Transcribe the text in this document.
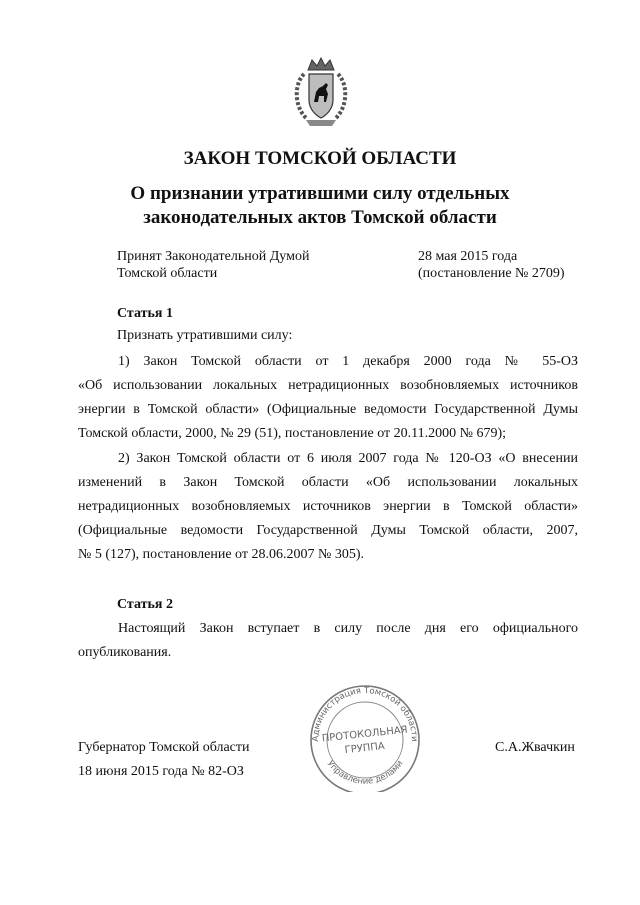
ЗАКОН ТОМСКОЙ ОБЛАСТИ
О признании утратившими силу отдельных
законодательных актов Томской области
Принят Законодательной Думой
Томской области
28 мая 2015 года
(постановление № 2709)
Статья 1
Признать утратившими силу:
1) Закон Томской области от 1 декабря 2000 года № 55-ОЗ
«Об использовании локальных нетрадиционных возобновляемых источников
энергии в Томской области» (Официальные ведомости Государственной Думы
Томской области, 2000, № 29 (51), постановление от 20.11.2000 № 679);
2) Закон Томской области от 6 июля 2007 года № 120-ОЗ «О внесении
изменений в Закон Томской области «Об использовании локальных
нетрадиционных возобновляемых источников энергии в Томской области»
(Официальные ведомости Государственной Думы Томской области, 2007,
№ 5 (127), постановление от 28.06.2007 № 305).
Статья 2
Настоящий Закон вступает в силу после дня его официального
опубликования.
Администрация Томской области
Управление делами
ПРОТОКОЛЬНАЯ
ГРУППА
Губернатор Томской области	С.А.Жвачкин
18 июня 2015 года № 82-ОЗ
